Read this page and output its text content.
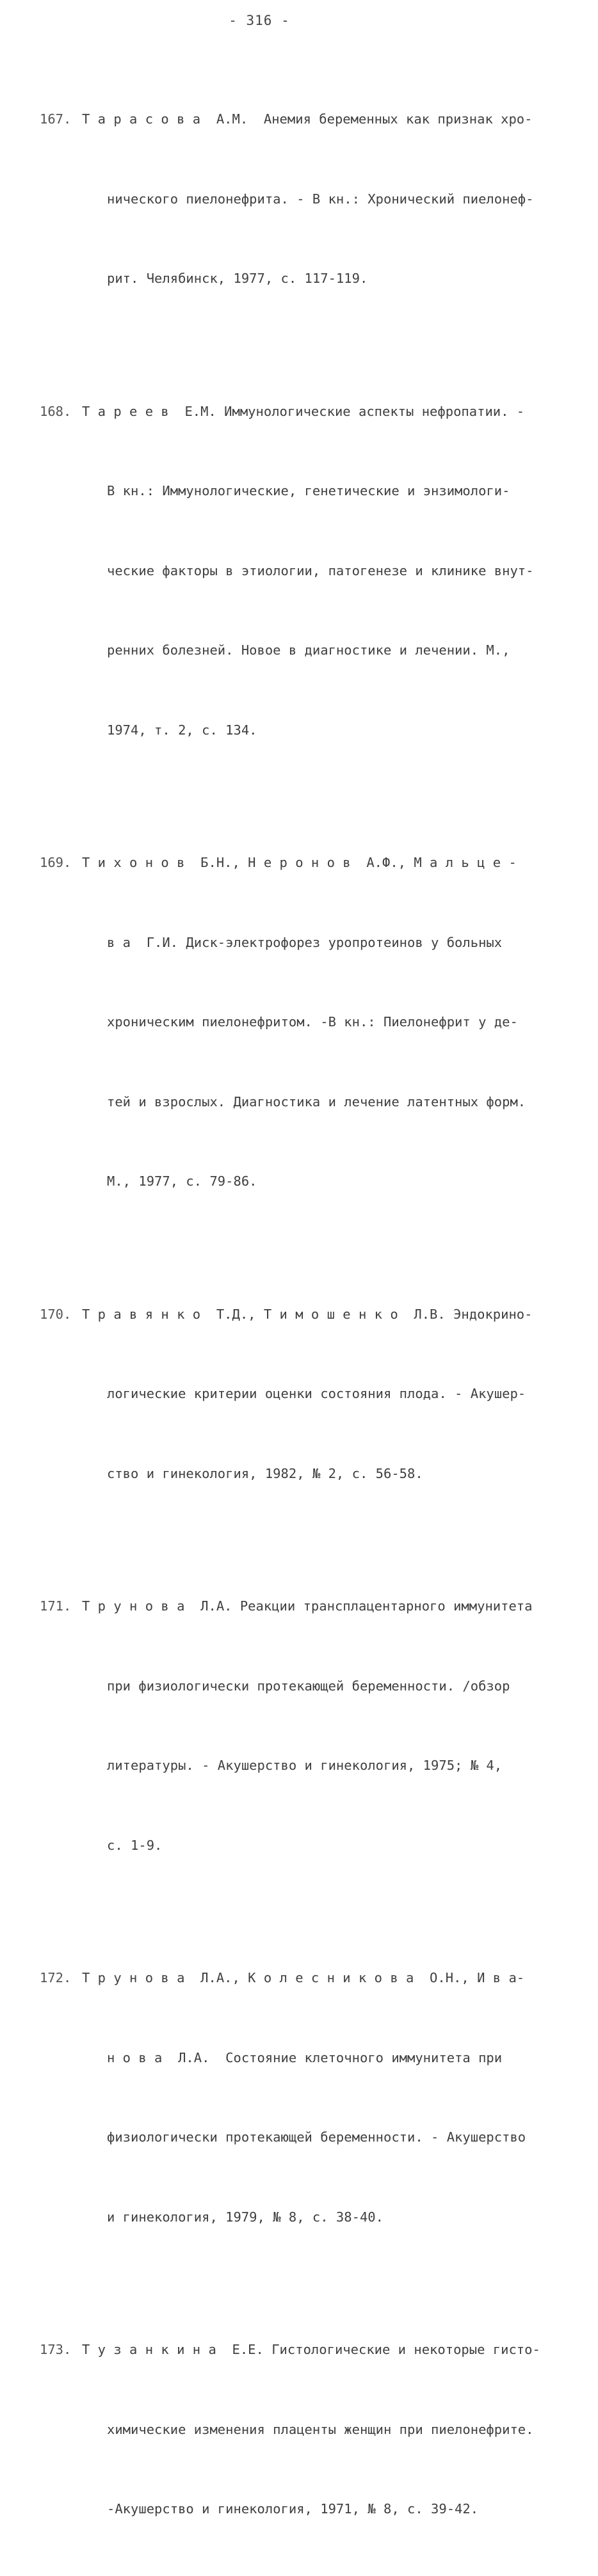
- 316 -

167. Т а р а с о в а  А.М.  Анемия беременных как признак хро-

нического пиелонефрита. - В кн.: Хронический пиелонеф-

рит. Челябинск, 1977, с. 117-119.

168. Т а р е е в  Е.М. Иммунологические аспекты нефропатии. -

В кн.: Иммунологические, генетические и энзимологи-

ческие факторы в этиологии, патогенезе и клинике внут-

ренних болезней. Новое в диагностике и лечении. М.,

1974, т. 2, с. 134.

169. Т и х о н о в  Б.Н., Н е р о н о в  А.Ф., М а л ь ц е -

в а  Г.И. Диск-электрофорез уропротеинов у больных

хроническим пиелонефритом. -В кн.: Пиелонефрит у де-

тей и взрослых. Диагностика и лечение латентных форм.

М., 1977, с. 79-86.

170. Т р а в я н к о  Т.Д., Т и м о ш е н к о  Л.В. Эндокрино-

логические критерии оценки состояния плода. - Акушер-

ство и гинекология, 1982, № 2, с. 56-58.

171. Т р у н о в а  Л.А. Реакции трансплацентарного иммунитета

при физиологически протекающей беременности. /обзор

литературы. - Акушерство и гинекология, 1975; № 4,

с. 1-9.

172. Т р у н о в а  Л.А., К о л е с н и к о в а  О.Н., И в а-

н о в а  Л.А.  Состояние клеточного иммунитета при

физиологически протекающей беременности. - Акушерство

и гинекология, 1979, № 8, с. 38-40.

173. Т у з а н к и н а  Е.Е. Гистологические и некоторые гисто-

химические изменения плаценты женщин при пиелонефрите.

-Акушерство и гинекология, 1971, № 8, с. 39-42.
